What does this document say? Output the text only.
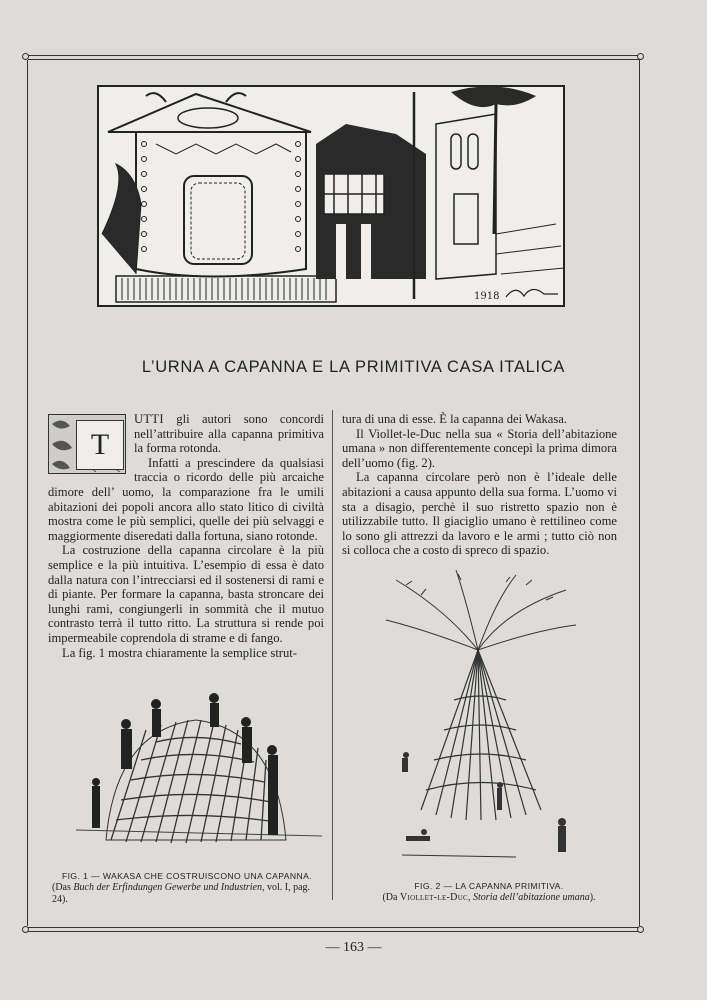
1918
L’URNA A CAPANNA E LA PRIMITIVA CASA ITALICA
T

UTTI gli autori sono concordi nell’attribuire alla capanna primitiva la forma rotonda.

Infatti a prescindere da qualsiasi traccia o ricordo delle più arcaiche dimore dell’ uomo, la comparazione fra le umili abitazioni dei popoli ancora allo stato litico di civiltà mostra come le più semplici, quelle dei più selvaggi e maggiormente diseredati dalla fortuna, siano rotonde.

La costruzione della capanna circolare è la più semplice e la più intuitiva. L’esempio di essa è dato dalla natura con l’intrecciarsi ed il sostenersi di rami e di piante. Per formare la capanna, basta stroncare dei lunghi rami, congiungerli in sommità che il mutuo contrasto terrà il tutto ritto. La struttura si rende poi impermeabile coprendola di strame e di fango.

La fig. 1 mostra chiaramente la semplice strut-

tura di una di esse. È la capanna dei Wakasa.

Il Viollet-le-Duc nella sua « Storia dell’abitazione umana » non differentemente concepì la prima dimora dell’uomo (fig. 2).

La capanna circolare però non è l’ideale delle abitazioni a causa appunto della sua forma. L’uomo vi sta a disagio, perchè il suo ristretto spazio non è utilizzabile tutto. Il giaciglio umano è rettilineo come lo sono gli attrezzi da lavoro e le armi ; tutto ciò non si colloca che a costo di spreco di spazio.

FIG. 1 — WAKASA CHE COSTRUISCONO UNA CAPANNA.
(Das Buch der Erfindungen Gewerbe und Industrien, vol. I, pag. 24).
FIG. 2 — LA CAPANNA PRIMITIVA.
(Da Viollet-le-Duc, Storia dell’abitazione umana).
— 163 —
